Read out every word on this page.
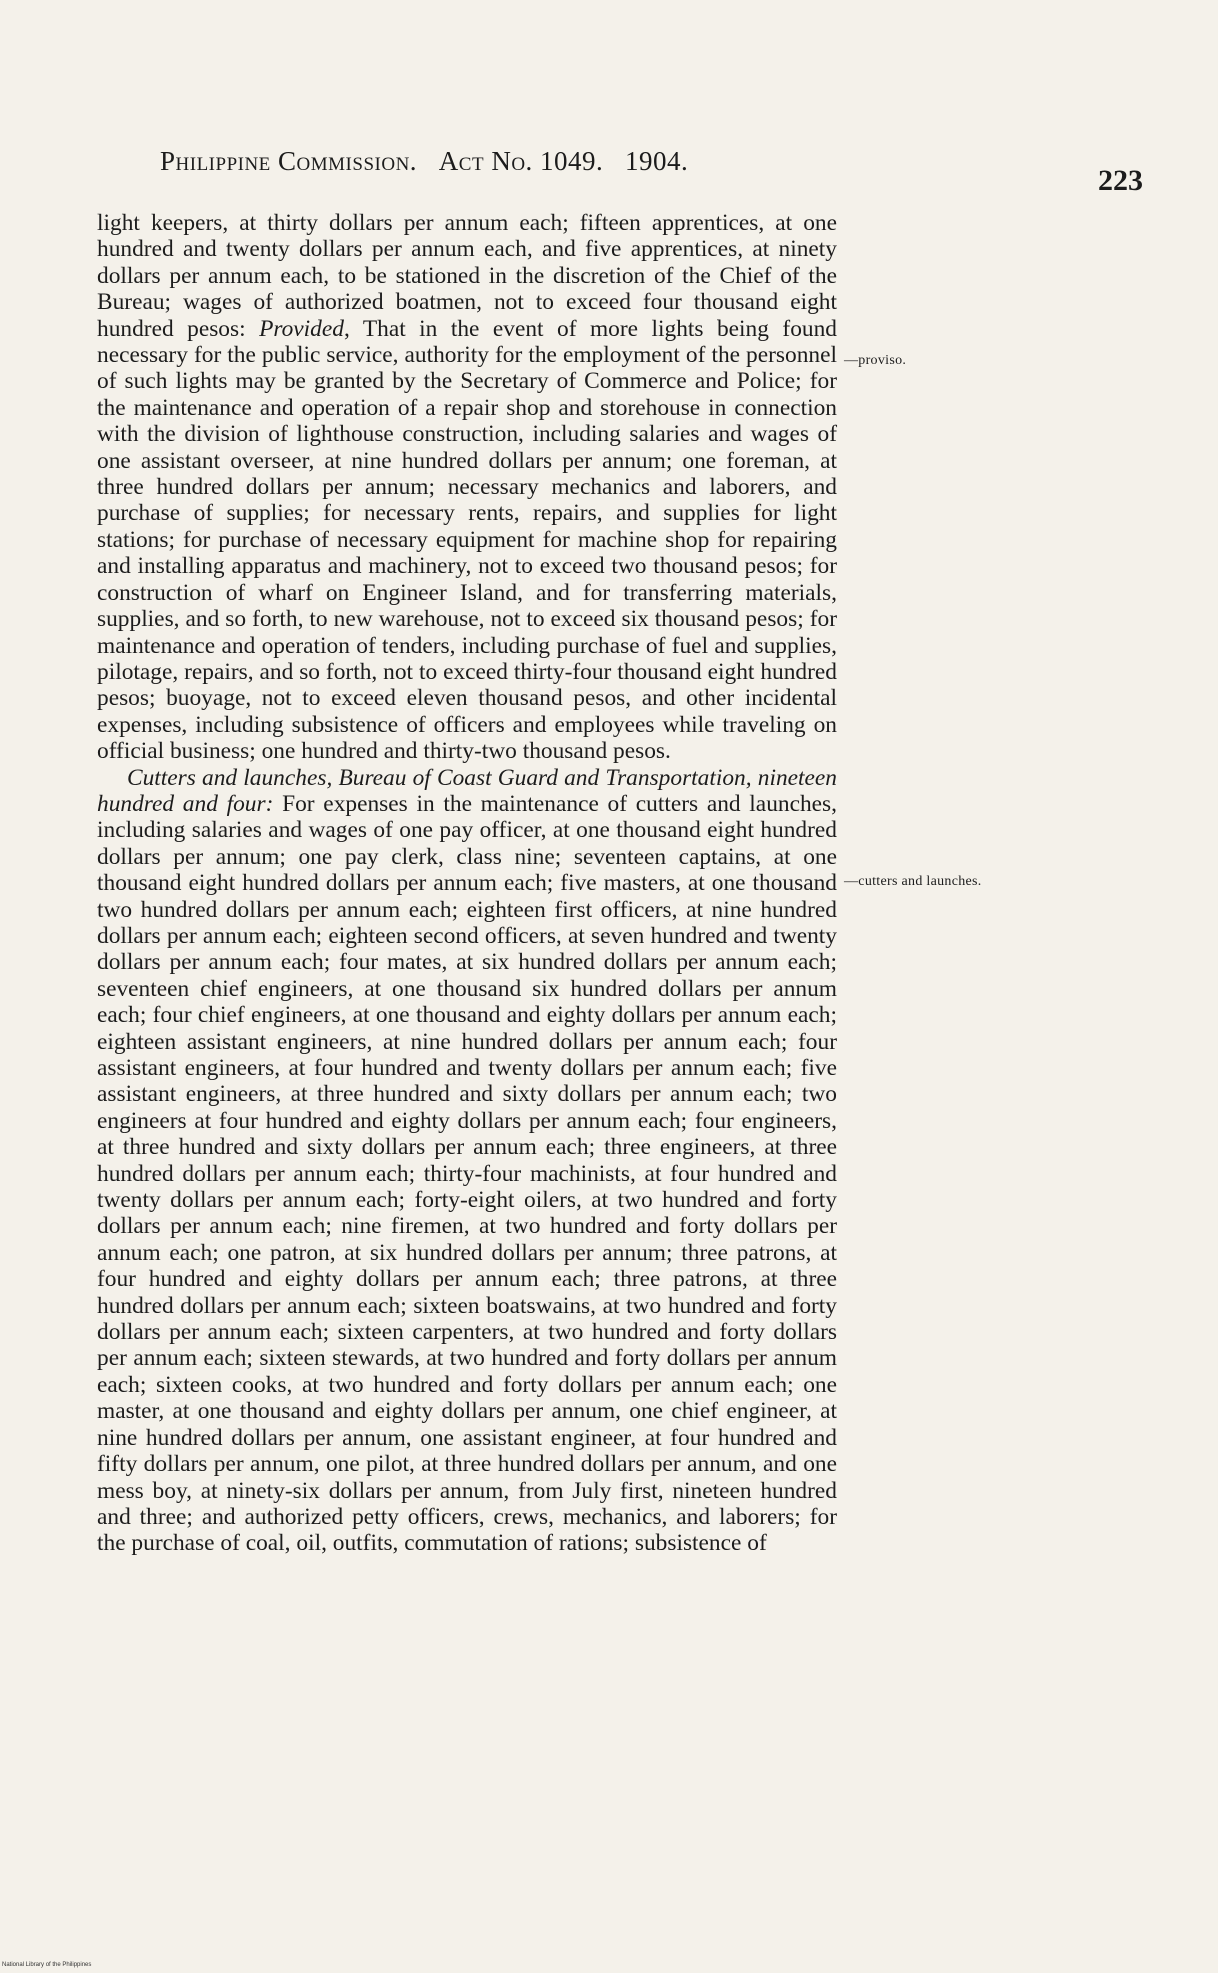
Philippine Commission. Act No. 1049. 1904.
223

light keepers, at thirty dollars per annum each; fifteen apprentices, at one hundred and twenty dollars per annum each, and five apprentices, at ninety dollars per annum each, to be stationed in the discretion of the Chief of the Bureau; wages of authorized boatmen, not to exceed four thousand eight hundred pesos: Provided, That in the event of more lights being found necessary for the public service, authority for the employment of the personnel of such lights may be granted by the Secretary of Commerce and Police; for the maintenance and operation of a repair shop and storehouse in connection with the division of lighthouse construction, including salaries and wages of one assistant overseer, at nine hundred dollars per annum; one foreman, at three hundred dollars per annum; necessary mechanics and laborers, and purchase of supplies; for necessary rents, repairs, and supplies for light stations; for purchase of necessary equipment for machine shop for repairing and installing apparatus and machinery, not to exceed two thousand pesos; for construction of wharf on Engineer Island, and for transferring materials, supplies, and so forth, to new warehouse, not to exceed six thousand pesos; for maintenance and operation of tenders, including purchase of fuel and supplies, pilotage, repairs, and so forth, not to exceed thirty-four thousand eight hundred pesos; buoyage, not to exceed eleven thousand pesos, and other incidental expenses, including subsistence of officers and employees while traveling on official business; one hundred and thirty-two thousand pesos.

Cutters and launches, Bureau of Coast Guard and Transportation, nineteen hundred and four: For expenses in the maintenance of cutters and launches, including salaries and wages of one pay officer, at one thousand eight hundred dollars per annum; one pay clerk, class nine; seventeen captains, at one thousand eight hundred dollars per annum each; five masters, at one thousand two hundred dollars per annum each; eighteen first officers, at nine hundred dollars per annum each; eighteen second officers, at seven hundred and twenty dollars per annum each; four mates, at six hundred dollars per annum each; seventeen chief engineers, at one thousand six hundred dollars per annum each; four chief engineers, at one thousand and eighty dollars per annum each; eighteen assistant engineers, at nine hundred dollars per annum each; four assistant engineers, at four hundred and twenty dollars per annum each; five assistant engineers, at three hundred and sixty dollars per annum each; two engineers at four hundred and eighty dollars per annum each; four engineers, at three hundred and sixty dollars per annum each; three engineers, at three hundred dollars per annum each; thirty-four machinists, at four hundred and twenty dollars per annum each; forty-eight oilers, at two hundred and forty dollars per annum each; nine firemen, at two hundred and forty dollars per annum each; one patron, at six hundred dollars per annum; three patrons, at four hundred and eighty dollars per annum each; three patrons, at three hundred dollars per annum each; sixteen boatswains, at two hundred and forty dollars per annum each; sixteen carpenters, at two hundred and forty dollars per annum each; sixteen stewards, at two hundred and forty dollars per annum each; sixteen cooks, at two hundred and forty dollars per annum each; one master, at one thousand and eighty dollars per annum, one chief engineer, at nine hundred dollars per annum, one assistant engineer, at four hundred and fifty dollars per annum, one pilot, at three hundred dollars per annum, and one mess boy, at ninety-six dollars per annum, from July first, nineteen hundred and three; and authorized petty officers, crews, mechanics, and laborers; for the purchase of coal, oil, outfits, commutation of rations; subsistence of

—proviso.
—cutters and launches.
National Library of the Philippines
